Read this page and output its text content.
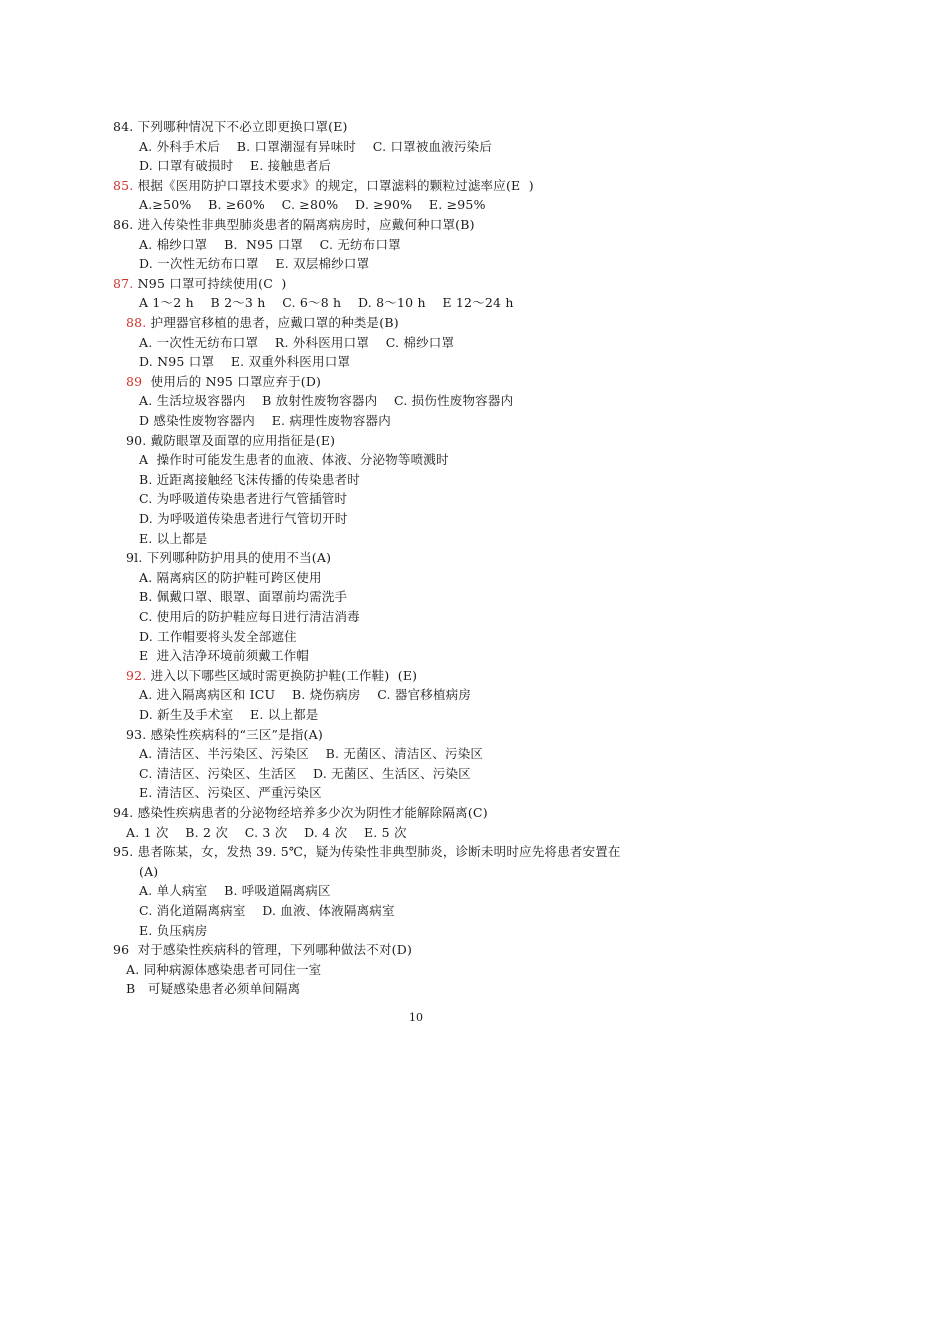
84. 下列哪种情况下不必立即更换口罩(E)
A. 外科手术后    B. 口罩潮湿有异味时    C. 口罩被血液污染后
D. 口罩有破损时    E. 接触患者后
85. 根据《医用防护口罩技术要求》的规定，口罩滤料的颗粒过滤率应(E  )
A.≥50%    B. ≥60%    C. ≥80%    D. ≥90%    E. ≥95%
86. 进入传染性非典型肺炎患者的隔离病房时，应戴何种口罩(B)
A. 棉纱口罩    B.  N95 口罩    C. 无纺布口罩
D. 一次性无纺布口罩    E. 双层棉纱口罩
87. N95 口罩可持续使用(C  )
A 1～2 h    B 2～3 h    C. 6～8 h    D. 8～10 h    E 12～24 h
88. 护理器官移植的患者，应戴口罩的种类是(B)
A. 一次性无纺布口罩    R. 外科医用口罩    C. 棉纱口罩
D. N95 口罩    E. 双重外科医用口罩
89  使用后的 N95 口罩应弃于(D)
A. 生活垃圾容器内    B 放射性废物容器内    C. 损伤性废物容器内
D 感染性废物容器内    E. 病理性废物容器内
90. 戴防眼罩及面罩的应用指征是(E)
A  操作时可能发生患者的血液、体液、分泌物等喷溅时
B. 近距离接触经飞沫传播的传染患者时
C. 为呼吸道传染患者进行气管插管时
D. 为呼吸道传染患者进行气管切开时
E. 以上都是
9l. 下列哪种防护用具的使用不当(A)
A. 隔离病区的防护鞋可跨区使用
B. 佩戴口罩、眼罩、面罩前均需洗手
C. 使用后的防护鞋应每日进行清洁消毒
D. 工作帽要将头发全部遮住
E  进入洁净环境前须戴工作帽
92. 进入以下哪些区域时需更换防护鞋(工作鞋)  (E)
A. 进入隔离病区和 ICU    B. 烧伤病房    C. 器官移植病房
D. 新生及手术室    E. 以上都是
93. 感染性疾病科的“三区”是指(A)
A. 清洁区、半污染区、污染区    B. 无菌区、清洁区、污染区
C. 清洁区、污染区、生活区    D. 无菌区、生活区、污染区
E. 清洁区、污染区、严重污染区
94. 感染性疾病患者的分泌物经培养多少次为阴性才能解除隔离(C)
A. 1 次    B. 2 次    C. 3 次    D. 4 次    E. 5 次
95. 患者陈某，女，发热 39. 5℃，疑为传染性非典型肺炎，诊断未明时应先将患者安置在
(A)
A. 单人病室    B. 呼吸道隔离病区
C. 消化道隔离病室    D. 血液、体液隔离病室
E. 负压病房
96  对于感染性疾病科的管理，下列哪种做法不对(D)
A. 同种病源体感染患者可同住一室
B   可疑感染患者必须单间隔离
10
